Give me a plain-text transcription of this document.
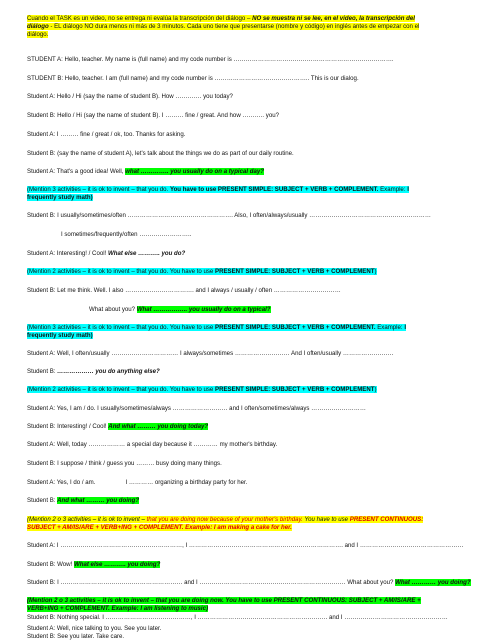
Cuando el TASK es un video, no se entrega ni evalúa la transcripción del diálogo – NO se muestra ni se lee, en el video, la transcripción del diálogo - EL diálogo NO dura menos ni más de 3 minutos. Cada uno tiene que presentarse (nombre y código) en inglés antes de empezar con el diálogo.
STUDENT A: Hello, teacher. My name is (full name) and my code number is …………………………………………………………………….
STUDENT B: Hello, teacher. I am (full name) and my code number is ……………………………………….. This is our dialog.
Student A: Hello / Hi (say the name of student B). How …………. you today?
Student B: Hello / Hi (say the name of student B). I ……… fine / great. And how ……….. you?
Student A: I ……… fine / great / ok, too. Thanks for asking.
Student B: (say the name of student A), let's talk about the things we do as part of our daily routine.
Student A: That's a good idea! Well, what ………….. you usually do on a typical day?
(Mention 3 activities – it is ok to invent – that you do. You have to use PRESENT SIMPLE: SUBJECT + VERB + COMPLEMENT. Example: I frequently study math)
Student B: I usually/sometimes/often ……………………………………………. Also, I often/always/usually ……………………………………………………
I sometimes/frequently/often ……………………..
Student A: Interesting! / Cool! What else ……….. you do?
(Mention 2 activities – it is ok to invent – that you do. You have to use PRESENT SIMPLE: SUBJECT + VERB + COMPLEMENT)
Student B: Let me think. Well. I also ……………………………. and I always / usually / often ……………………………
What about you? What …………….. you usually do on a typical?
(Mention 3 activities – it is ok to invent – that you do. You have to use PRESENT SIMPLE: SUBJECT + VERB + COMPLEMENT. Example: I frequently study math)
Student A: Well, I often/usually …………………………… I always/sometimes ……………………… And I often/usually …………………….
Student B: ……………… you do anything else?
(Mention 2 activities – it is ok to invent – that you do. You have to use PRESENT SIMPLE: SUBJECT + VERB + COMPLEMENT)
Student A: Yes, I am / do. I usually/sometimes/always ……………………… and I often/sometimes/always ………………………
Student B: Interesting! / Cool! And what ……… you doing today?
Student A: Well, today ……………… a special day because it ………… my mother's birthday.
Student B: I suppose / think / guess you ……… busy doing many things.
Student A: Yes, I do / am.	I ………… organizing a birthday party for her.
Student B: And what ……… you doing?
(Mention 2 o 3 activities – it is ok to invent – that you are doing now because of your mother's birthday. You have to use PRESENT CONTINUOUS: SUBJECT + AM/IS/ARE + VERB+ING + COMPLEMENT. Example: I am making a cake for her.
Student A: I ……………………………………………………, I …………………………………………………………………. and I ……………………………………………
Student B: Wow! What else ……….. you doing?
Student B: I …………………………………………………… and I ……………………………………………………………… What about you? What ………… you doing?
(Mention 2 o 3 activities – it is ok to invent – that you are doing now. You have to use PRESENT CONTINUOUS: SUBJECT + AM/IS/ARE + VERB+ING + COMPLEMENT. Example: I am listening to music)
Student B: Nothing special. I ……………………………………, I ………………………………………………………. and I ……………………………………………
Student A: Well, nice talking to you. See you later.
Student B: See you later. Take care.
